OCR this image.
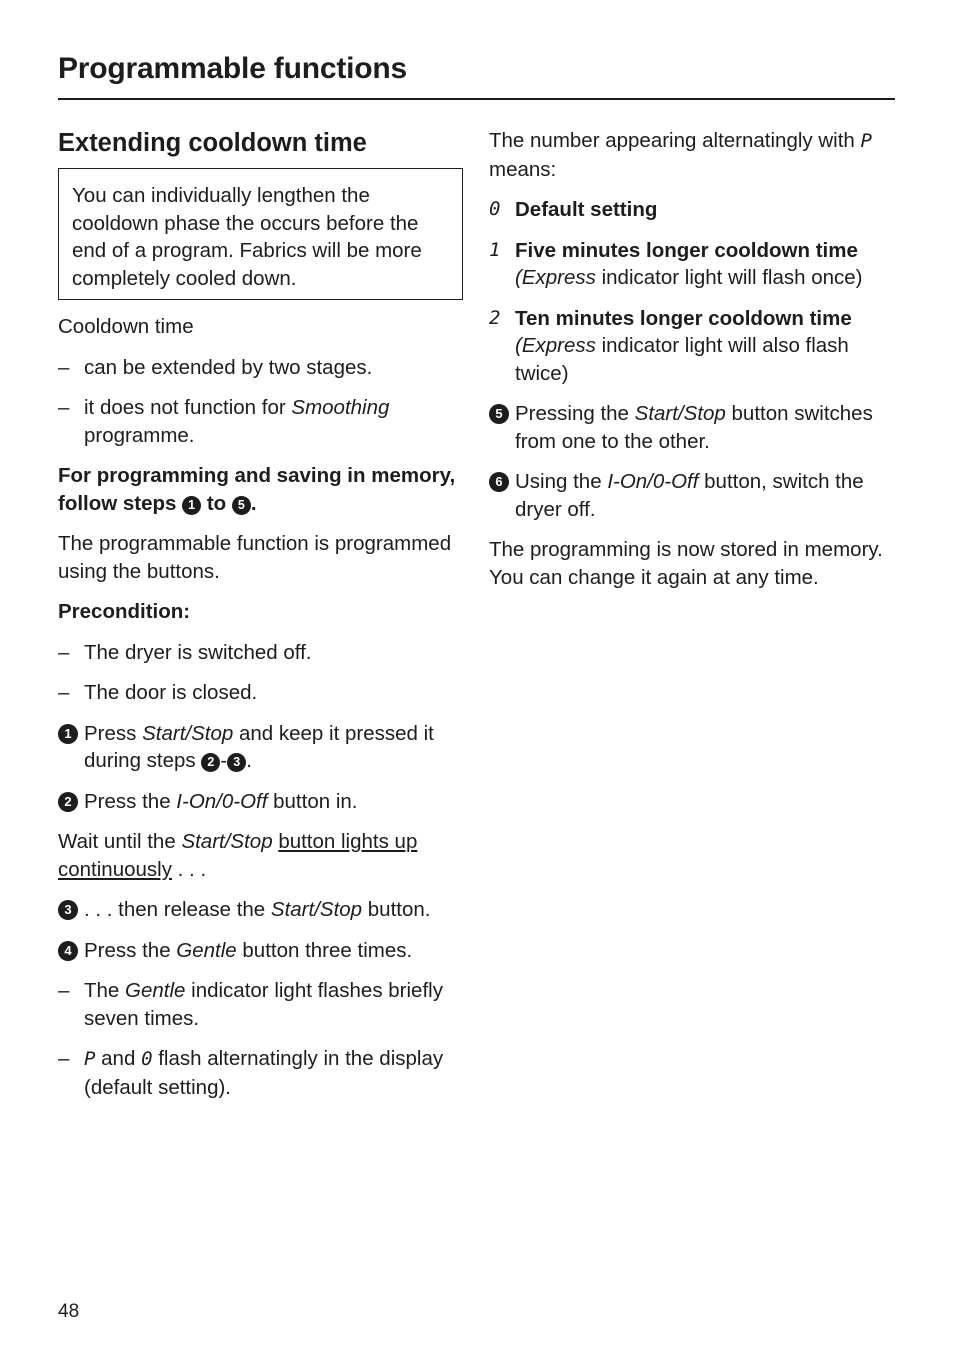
Programmable functions
Extending cooldown time
You can individually lengthen the cooldown phase the occurs before the end of a program. Fabrics will be more completely cooled down.

Cooldown time

– can be extended by two stages.
– it does not function for Smoothing programme.

For programming and saving in memory, follow steps 1 to 5 .

The programmable function is programmed using the buttons.

Precondition:

– The dryer is switched off.
– The door is closed.
1 Press Start/Stop and keep it pressed it during steps 2 - 3 .
2 Press the I-On/0-Off button in.

Wait until the Start/Stop button lights up continuously . . .

3 . . . then release the Start/Stop button.
4 Press the Gentle button three times.
– The Gentle indicator light flashes briefly seven times.
– P and 0 flash alternatingly in the display (default setting).

The number appearing alternatingly with P means:

0 Default setting
1 Five minutes longer cooldown time
(Express indicator light will flash once)
2 Ten minutes longer cooldown time
(Express indicator light will also flash twice)
5 Pressing the Start/Stop button switches from one to the other.
6 Using the I-On/0-Off button, switch the dryer off.

The programming is now stored in memory. You can change it again at any time.

48
